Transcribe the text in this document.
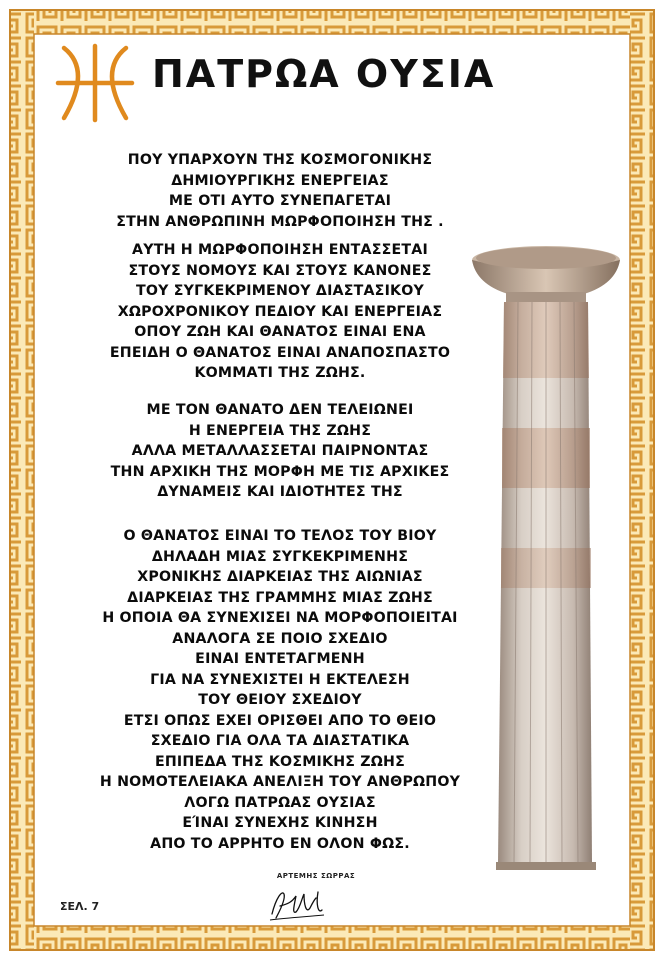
ΠΑΤΡΩΑ ΟΥΣΙΑ
ΠΟΥ ΥΠΑΡΧΟΥΝ ΤΗΣ ΚΟΣΜΟΓΟΝΙΚΗΣ
ΔΗΜΙΟΥΡΓΙΚΗΣ ΕΝΕΡΓΕΙΑΣ
ΜΕ ΟΤΙ ΑΥΤΟ ΣΥΝΕΠΑΓΕΤΑΙ
ΣΤΗΝ ΑΝΘΡΩΠΙΝΗ ΜΩΡΦΟΠΟΙΗΣΗ ΤΗΣ .
ΑΥΤΗ Η ΜΩΡΦΟΠΟΙΗΣΗ ΕΝΤΑΣΣΕΤΑΙ
ΣΤΟΥΣ ΝΟΜΟΥΣ ΚΑΙ ΣΤΟΥΣ ΚΑΝΟΝΕΣ
ΤΟΥ ΣΥΓΚΕΚΡΙΜΕΝΟΥ ΔΙΑΣΤΑΣΙΚΟΥ
ΧΩΡΟΧΡΟΝΙΚΟΥ ΠΕΔΙΟΥ ΚΑΙ ΕΝΕΡΓΕΙΑΣ
ΟΠΟΥ ΖΩΗ ΚΑΙ ΘΑΝΑΤΟΣ ΕΙΝΑΙ ΕΝΑ
ΕΠΕΙΔΗ Ο ΘΑΝΑΤΟΣ ΕΙΝΑΙ ΑΝΑΠΟΣΠΑΣΤΟ
ΚΟΜΜΑΤΙ ΤΗΣ ΖΩΗΣ.
ΜΕ ΤΟΝ ΘΑΝΑΤΟ ΔΕΝ ΤΕΛΕΙΩΝΕΙ
Η ΕΝΕΡΓΕΙΑ ΤΗΣ ΖΩΗΣ
ΑΛΛΑ ΜΕΤΑΛΛΑΣΣΕΤΑΙ ΠΑΙΡΝΟΝΤΑΣ
ΤΗΝ ΑΡΧΙΚΗ ΤΗΣ ΜΟΡΦΗ ΜΕ ΤΙΣ ΑΡΧΙΚΕΣ
ΔΥΝΑΜΕΙΣ ΚΑΙ ΙΔΙΟΤΗΤΕΣ ΤΗΣ
Ο ΘΑΝΑΤΟΣ ΕΙΝΑΙ ΤΟ ΤΕΛΟΣ ΤΟΥ ΒΙΟΥ
ΔΗΛΑΔΗ ΜΙΑΣ ΣΥΓΚΕΚΡΙΜΕΝΗΣ
ΧΡΟΝΙΚΗΣ ΔΙΑΡΚΕΙΑΣ ΤΗΣ ΑΙΩΝΙΑΣ
ΔΙΑΡΚΕΙΑΣ ΤΗΣ ΓΡΑΜΜΗΣ ΜΙΑΣ ΖΩΗΣ
Η ΟΠΟΙΑ ΘΑ ΣΥΝΕΧΙΣΕΙ ΝΑ ΜΟΡΦΟΠΟΙΕΙΤΑΙ
ΑΝΑΛΟΓΑ ΣΕ ΠΟΙΟ ΣΧΕΔΙΟ
ΕΙΝΑΙ ΕΝΤΕΤΑΓΜΕΝΗ
ΓΙΑ ΝΑ ΣΥΝΕΧΙΣΤΕΙ Η ΕΚΤΕΛΕΣΗ
ΤΟΥ ΘΕΙΟΥ ΣΧΕΔΙΟΥ
ΕΤΣΙ ΟΠΩΣ ΕΧΕΙ ΟΡΙΣΘΕΙ ΑΠΟ ΤΟ ΘΕΙΟ
ΣΧΕΔΙΟ ΓΙΑ ΟΛΑ ΤΑ ΔΙΑΣΤΑΤΙΚΑ
ΕΠΙΠΕΔΑ ΤΗΣ ΚΟΣΜΙΚΗΣ ΖΩΗΣ
Η ΝΟΜΟΤΕΛΕΙΑΚΑ ΑΝΕΛΙΞΗ ΤΟΥ ΑΝΘΡΩΠΟΥ
ΛΟΓΩ ΠΑΤΡΩΑΣ ΟΥΣΙΑΣ
ΕΊΝΑΙ ΣΥΝΕΧΗΣ ΚΙΝΗΣΗ
ΑΠΟ ΤΟ ΑΡΡΗΤΟ ΕΝ ΟΛΟΝ ΦΩΣ.
ΑΡΤΕΜΗΣ ΣΩΡΡΑΣ
ΣΕΛ. 7
